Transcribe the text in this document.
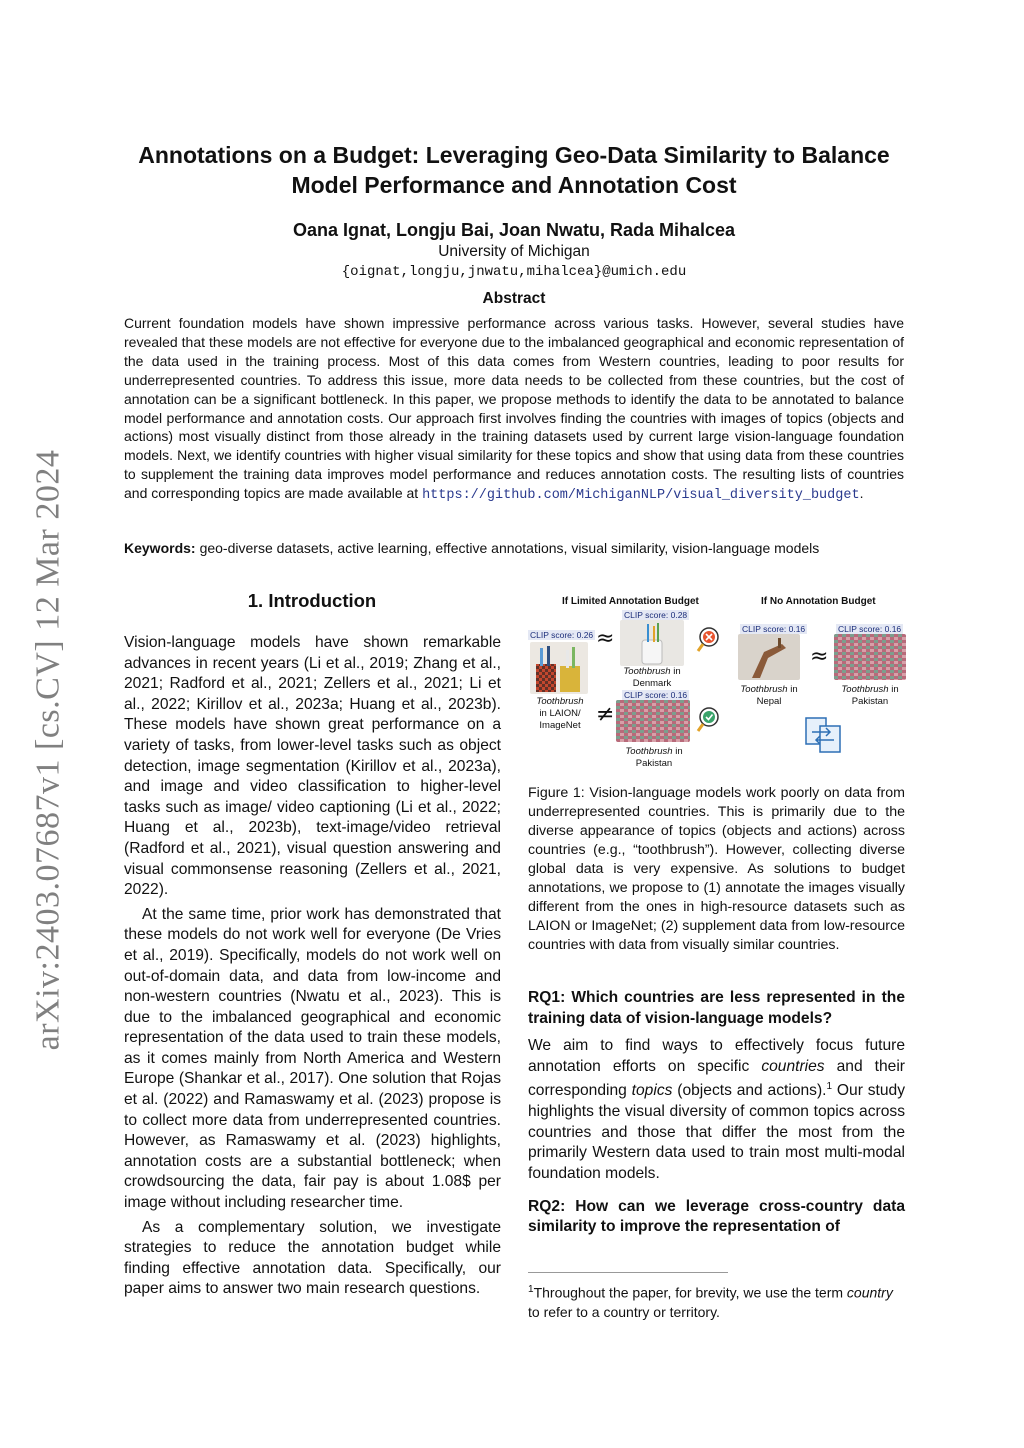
arXiv:2403.07687v1 [cs.CV] 12 Mar 2024
Annotations on a Budget: Leveraging Geo-Data Similarity to Balance Model Performance and Annotation Cost
Oana Ignat, Longju Bai, Joan Nwatu, Rada Mihalcea
University of Michigan
{oignat,longju,jnwatu,mihalcea}@umich.edu
Abstract
Current foundation models have shown impressive performance across various tasks. However, several studies have revealed that these models are not effective for everyone due to the imbalanced geographical and economic representation of the data used in the training process. Most of this data comes from Western countries, leading to poor results for underrepresented countries. To address this issue, more data needs to be collected from these countries, but the cost of annotation can be a significant bottleneck. In this paper, we propose methods to identify the data to be annotated to balance model performance and annotation costs. Our approach first involves finding the countries with images of topics (objects and actions) most visually distinct from those already in the training datasets used by current large vision-language foundation models. Next, we identify countries with higher visual similarity for these topics and show that using data from these countries to supplement the training data improves model performance and reduces annotation costs. The resulting lists of countries and corresponding topics are made available at https://github.com/MichiganNLP/visual_diversity_budget.
Keywords: geo-diverse datasets, active learning, effective annotations, visual similarity, vision-language models
1. Introduction

Vision-language models have shown remarkable advances in recent years (Li et al., 2019; Zhang et al., 2021; Radford et al., 2021; Zellers et al., 2021; Li et al., 2022; Kirillov et al., 2023a; Huang et al., 2023b). These models have shown great performance on a variety of tasks, from lower-level tasks such as object detection, image segmentation (Kirillov et al., 2023a), and image and video classification to higher-level tasks such as image/ video captioning (Li et al., 2022; Huang et al., 2023b), text-image/video retrieval (Radford et al., 2021), visual question answering and visual commonsense reasoning (Zellers et al., 2021, 2022).

At the same time, prior work has demonstrated that these models do not work well for everyone (De Vries et al., 2019). Specifically, models do not work well on out-of-domain data, and data from low-income and non-western countries (Nwatu et al., 2023). This is due to the imbalanced geographical and economic representation of the data used to train these models, as it comes mainly from North America and Western Europe (Shankar et al., 2017). One solution that Rojas et al. (2022) and Ramaswamy et al. (2023) propose is to collect more data from underrepresented countries. However, as Ramaswamy et al. (2023) highlights, annotation costs are a substantial bottleneck; when crowdsourcing the data, fair pay is about 1.08$ per image without including researcher time.

As a complementary solution, we investigate strategies to reduce the annotation budget while finding effective annotation data. Specifically, our paper aims to answer two main research questions.

If Limited Annotation Budget	If No Annotation Budget
CLIP score: 0.26
Toothbrush
in LAION/
ImageNet
≈
≠
CLIP score: 0.28
Toothbrush in
Denmark
CLIP score: 0.16
Toothbrush in
Pakistan
CLIP score: 0.16
Toothbrush in
Nepal
≈
CLIP score: 0.16
Toothbrush in
Pakistan

Figure 1: Vision-language models work poorly on data from underrepresented countries. This is primarily due to the diverse appearance of topics (objects and actions) across countries (e.g., “toothbrush”). However, collecting diverse global data is very expensive. As solutions to budget annotations, we propose to (1) annotate the images visually different from the ones in high-resource datasets such as LAION or ImageNet; (2) supplement data from low-resource countries with data from visually similar countries.

RQ1: Which countries are less represented in the training data of vision-language models?

We aim to find ways to effectively focus future annotation efforts on specific countries and their corresponding topics (objects and actions).$^1$ Our study highlights the visual diversity of common topics across countries and those that differ the most from the primarily Western data used to train most multi-modal foundation models.

RQ2: How can we leverage cross-country data similarity to improve the representation of

$^1$Throughout the paper, for brevity, we use the term country to refer to a country or territory.
